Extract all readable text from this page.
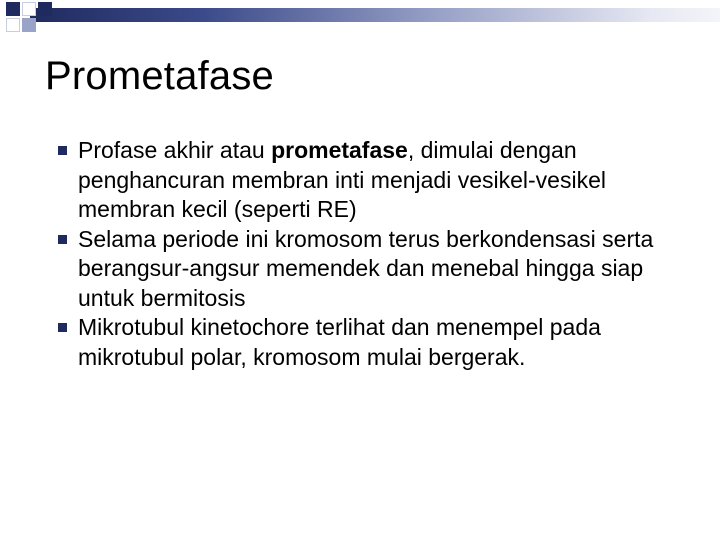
Prometafase
Profase akhir atau prometafase, dimulai dengan penghancuran membran inti menjadi vesikel-vesikel membran kecil (seperti RE)
Selama periode ini kromosom terus berkondensasi serta berangsur-angsur memendek dan menebal hingga siap untuk bermitosis
Mikrotubul kinetochore terlihat dan menempel pada mikrotubul polar, kromosom mulai bergerak.
